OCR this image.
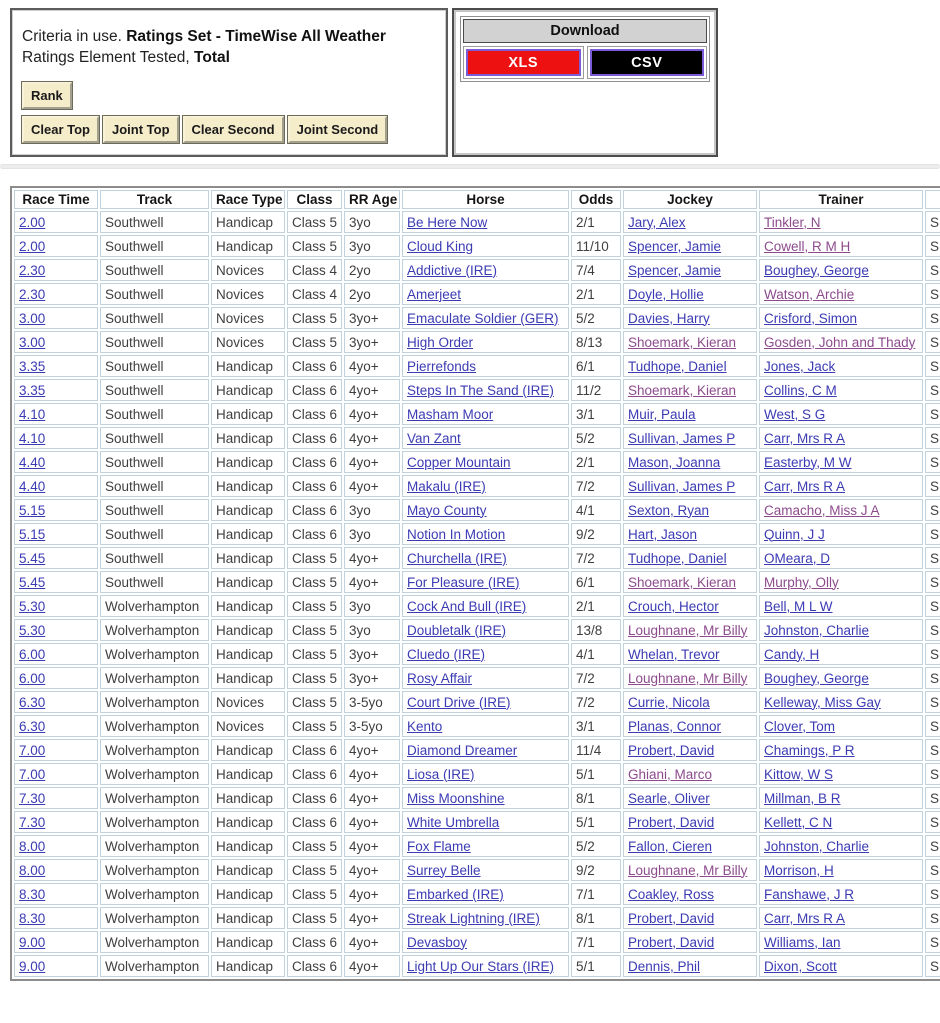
Criteria in use. Ratings Set - TimeWise All Weather
Ratings Element Tested, Total
Rank
Clear Top	Joint Top	Clear Second	Joint Second
Download
XLS	CSV
Race Time	Track	Race Type	Class	RR Age	Horse	Odds	Jockey	Trainer	
2.00	Southwell	Handicap	Class 5	3yo	Be Here Now	2/1	Jary, Alex	Tinkler, N	S
2.00	Southwell	Handicap	Class 5	3yo	Cloud King	11/10	Spencer, Jamie	Cowell, R M H	S
2.30	Southwell	Novices	Class 4	2yo	Addictive (IRE)	7/4	Spencer, Jamie	Boughey, George	S
2.30	Southwell	Novices	Class 4	2yo	Amerjeet	2/1	Doyle, Hollie	Watson, Archie	S
3.00	Southwell	Novices	Class 5	3yo+	Emaculate Soldier (GER)	5/2	Davies, Harry	Crisford, Simon	S
3.00	Southwell	Novices	Class 5	3yo+	High Order	8/13	Shoemark, Kieran	Gosden, John and Thady	S
3.35	Southwell	Handicap	Class 6	4yo+	Pierrefonds	6/1	Tudhope, Daniel	Jones, Jack	S
3.35	Southwell	Handicap	Class 6	4yo+	Steps In The Sand (IRE)	11/2	Shoemark, Kieran	Collins, C M	S
4.10	Southwell	Handicap	Class 6	4yo+	Masham Moor	3/1	Muir, Paula	West, S G	S
4.10	Southwell	Handicap	Class 6	4yo+	Van Zant	5/2	Sullivan, James P	Carr, Mrs R A	S
4.40	Southwell	Handicap	Class 6	4yo+	Copper Mountain	2/1	Mason, Joanna	Easterby, M W	S
4.40	Southwell	Handicap	Class 6	4yo+	Makalu (IRE)	7/2	Sullivan, James P	Carr, Mrs R A	S
5.15	Southwell	Handicap	Class 6	3yo	Mayo County	4/1	Sexton, Ryan	Camacho, Miss J A	S
5.15	Southwell	Handicap	Class 6	3yo	Notion In Motion	9/2	Hart, Jason	Quinn, J J	S
5.45	Southwell	Handicap	Class 5	4yo+	Churchella (IRE)	7/2	Tudhope, Daniel	OMeara, D	S
5.45	Southwell	Handicap	Class 5	4yo+	For Pleasure (IRE)	6/1	Shoemark, Kieran	Murphy, Olly	S
5.30	Wolverhampton	Handicap	Class 5	3yo	Cock And Bull (IRE)	2/1	Crouch, Hector	Bell, M L W	S
5.30	Wolverhampton	Handicap	Class 5	3yo	Doubletalk (IRE)	13/8	Loughnane, Mr Billy	Johnston, Charlie	S
6.00	Wolverhampton	Handicap	Class 5	3yo+	Cluedo (IRE)	4/1	Whelan, Trevor	Candy, H	S
6.00	Wolverhampton	Handicap	Class 5	3yo+	Rosy Affair	7/2	Loughnane, Mr Billy	Boughey, George	S
6.30	Wolverhampton	Novices	Class 5	3-5yo	Court Drive (IRE)	7/2	Currie, Nicola	Kelleway, Miss Gay	S
6.30	Wolverhampton	Novices	Class 5	3-5yo	Kento	3/1	Planas, Connor	Clover, Tom	S
7.00	Wolverhampton	Handicap	Class 6	4yo+	Diamond Dreamer	11/4	Probert, David	Chamings, P R	S
7.00	Wolverhampton	Handicap	Class 6	4yo+	Liosa (IRE)	5/1	Ghiani, Marco	Kittow, W S	S
7.30	Wolverhampton	Handicap	Class 6	4yo+	Miss Moonshine	8/1	Searle, Oliver	Millman, B R	S
7.30	Wolverhampton	Handicap	Class 6	4yo+	White Umbrella	5/1	Probert, David	Kellett, C N	S
8.00	Wolverhampton	Handicap	Class 5	4yo+	Fox Flame	5/2	Fallon, Cieren	Johnston, Charlie	S
8.00	Wolverhampton	Handicap	Class 5	4yo+	Surrey Belle	9/2	Loughnane, Mr Billy	Morrison, H	S
8.30	Wolverhampton	Handicap	Class 5	4yo+	Embarked (IRE)	7/1	Coakley, Ross	Fanshawe, J R	S
8.30	Wolverhampton	Handicap	Class 5	4yo+	Streak Lightning (IRE)	8/1	Probert, David	Carr, Mrs R A	S
9.00	Wolverhampton	Handicap	Class 6	4yo+	Devasboy	7/1	Probert, David	Williams, Ian	S
9.00	Wolverhampton	Handicap	Class 6	4yo+	Light Up Our Stars (IRE)	5/1	Dennis, Phil	Dixon, Scott	S
